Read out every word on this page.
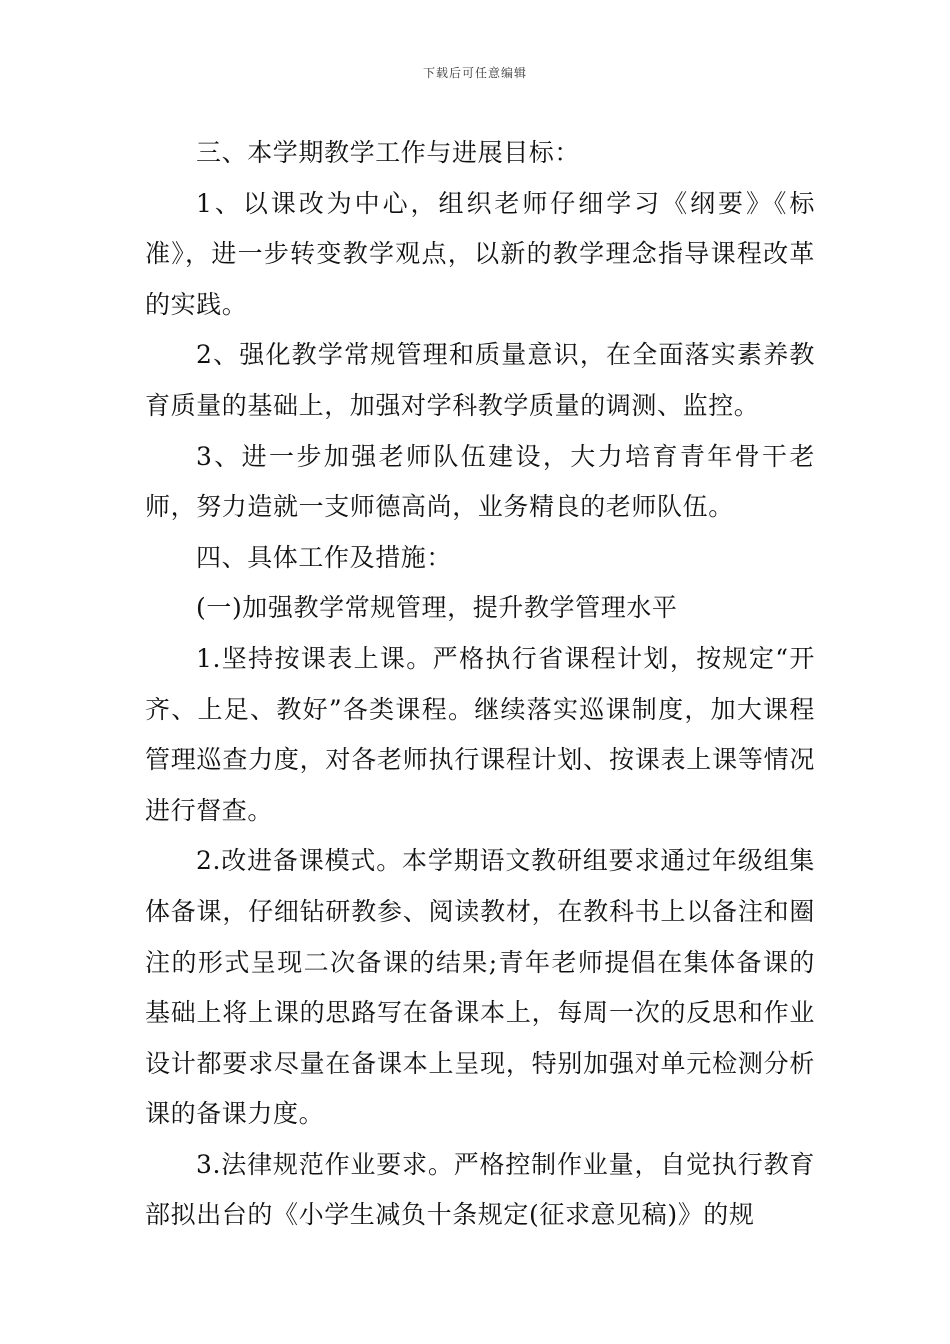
下载后可任意编辑

三、本学期教学工作与进展目标：

1、以课改为中心，组织老师仔细学习《纲要》《标准》，进一步转变教学观点，以新的教学理念指导课程改革的实践。

2、强化教学常规管理和质量意识，在全面落实素养教育质量的基础上，加强对学科教学质量的调测、监控。

3、进一步加强老师队伍建设，大力培育青年骨干老师，努力造就一支师德高尚，业务精良的老师队伍。

四、具体工作及措施：

(一)加强教学常规管理，提升教学管理水平

1.坚持按课表上课。严格执行省课程计划，按规定“开齐、上足、教好”各类课程。继续落实巡课制度，加大课程管理巡查力度，对各老师执行课程计划、按课表上课等情况进行督查。

2.改进备课模式。本学期语文教研组要求通过年级组集体备课，仔细钻研教参、阅读教材，在教科书上以备注和圈注的形式呈现二次备课的结果;青年老师提倡在集体备课的基础上将上课的思路写在备课本上，每周一次的反思和作业设计都要求尽量在备课本上呈现，特别加强对单元检测分析课的备课力度。

3.法律规范作业要求。严格控制作业量，自觉执行教育部拟出台的《小学生减负十条规定(征求意见稿)》的规
